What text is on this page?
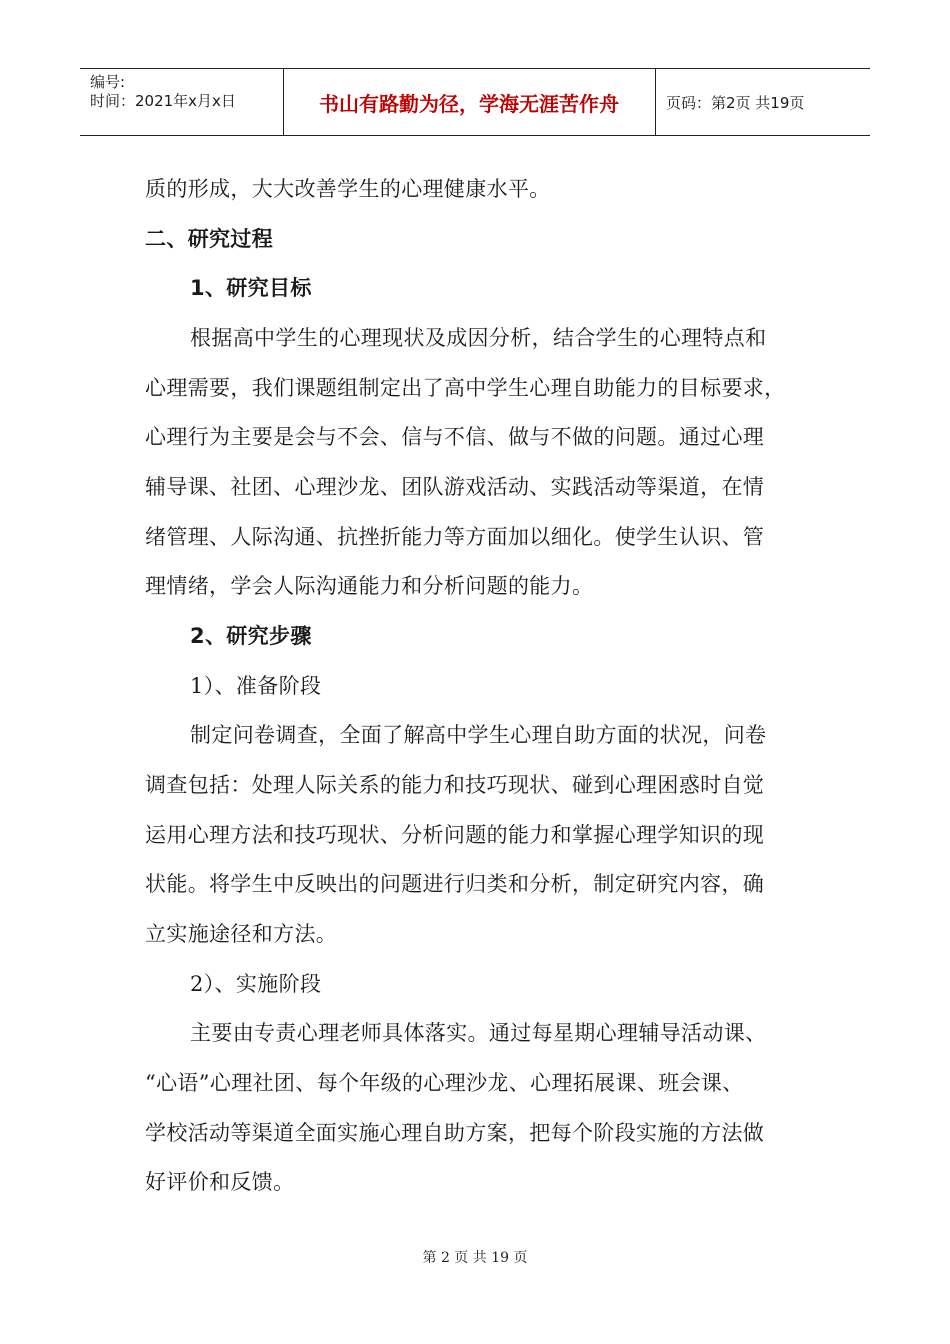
编号:
时间：2021年x月x日	书山有路勤为径，学海无涯苦作舟	页码：第2页 共19页
质的形成，大大改善学生的心理健康水平。
二、研究过程
1、研究目标
根据高中学生的心理现状及成因分析，结合学生的心理特点和
心理需要，我们课题组制定出了高中学生心理自助能力的目标要求，
心理行为主要是会与不会、信与不信、做与不做的问题。通过心理
辅导课、社团、心理沙龙、团队游戏活动、实践活动等渠道，在情
绪管理、人际沟通、抗挫折能力等方面加以细化。使学生认识、管
理情绪，学会人际沟通能力和分析问题的能力。
2、研究步骤
1）、准备阶段
制定问卷调查，全面了解高中学生心理自助方面的状况，问卷
调查包括：处理人际关系的能力和技巧现状、碰到心理困惑时自觉
运用心理方法和技巧现状、分析问题的能力和掌握心理学知识的现
状能。将学生中反映出的问题进行归类和分析，制定研究内容，确
立实施途径和方法。
2）、实施阶段
主要由专责心理老师具体落实。通过每星期心理辅导活动课、
“心语”心理社团、每个年级的心理沙龙、心理拓展课、班会课、
学校活动等渠道全面实施心理自助方案，把每个阶段实施的方法做
好评价和反馈。
第 2 页 共 19 页
